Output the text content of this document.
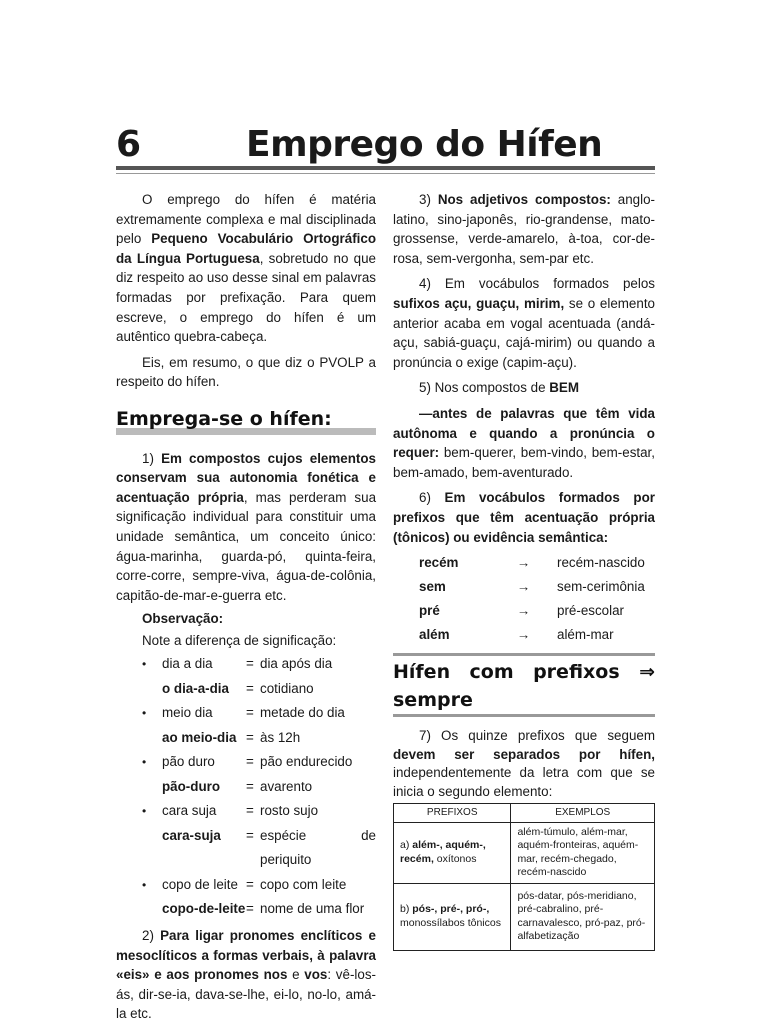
6	Emprego do Hífen

O emprego do hífen é matéria extremamente complexa e mal disciplinada pelo Pequeno Vocabulário Ortográfico da Língua Portuguesa, sobretudo no que diz respeito ao uso desse sinal em palavras formadas por prefixação. Para quem escreve, o emprego do hífen é um autêntico quebra-cabeça.

Eis, em resumo, o que diz o PVOLP a respeito do hífen.

Emprega-se o hífen:

1) Em compostos cujos elementos conservam sua autonomia fonética e acentuação própria, mas perderam sua significação individual para constituir uma unidade semântica, um conceito único: água-marinha, guarda-pó, quinta-feira, corre-corre, sempre-viva, água-de-colônia, capitão-de-mar-e-guerra etc.

Observação:

Note a diferença de significação:

•	dia a dia	= dia após dia
o dia-a-dia	= cotidiano
•	meio dia	= metade do dia
ao meio-dia = às 12h
•	pão duro	= pão endurecido
pão-duro	= avarento
•	cara suja	= rosto sujo
cara-suja	= espécie de periquito
•	copo de leite = copo com leite
copo-de-leite = nome de uma flor

2) Para ligar pronomes enclíticos e mesoclíticos a formas verbais, à palavra «eis» e aos pronomes nos e vos: vê-los-ás, dir-se-ia, dava-se-lhe, ei-lo, no-lo, amá-la etc.

3) Nos adjetivos compostos: anglo-latino, sino-japonês, rio-grandense, mato-grossense, verde-amarelo, à-toa, cor-de-rosa, sem-vergonha, sem-par etc.

4) Em vocábulos formados pelos sufixos açu, guaçu, mirim, se o elemento anterior acaba em vogal acentuada (andá-açu, sabiá-guaçu, cajá-mirim) ou quando a pronúncia o exige (capim-açu).

5) Nos compostos de BEM

—antes de palavras que têm vida autônoma e quando a pronúncia o requer: bem-querer, bem-vindo, bem-estar, bem-amado, bem-aventurado.

6) Em vocábulos formados por prefixos que têm acentuação própria (tônicos) ou evidência semântica:

recém	→	recém-nascido
sem	→	sem-cerimônia
pré	→	pré-escolar
além	→	além-mar
Hífen com prefixos ⇒ sempre

7) Os quinze prefixos que seguem devem ser separados por hífen, independentemente da letra com que se inicia o segundo elemento:

PREFIXOS	EXEMPLOS
a) além-, aquém-, recém, oxítonos	além-túmulo, além-mar, aquém-fronteiras, aquém-mar, recém-chegado, recém-nascido
b) pós-, pré-, pró-, monossílabos tônicos	pós-datar, pós-meridiano, pré-cabralino, pré-carnavalesco, pró-paz, pró-alfabetização
